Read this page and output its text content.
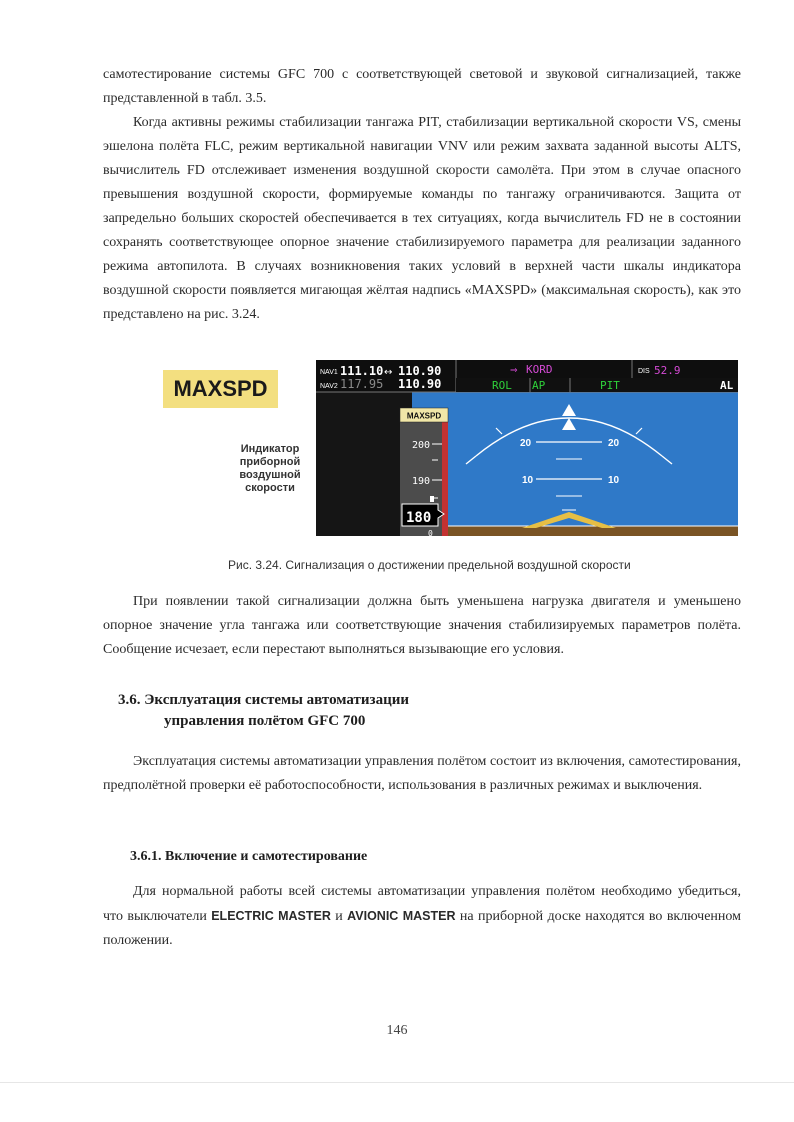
самотестирование системы GFC 700 с соответствующей световой и звуковой сигнализацией, также представленной в табл. 3.5.

Когда активны режимы стабилизации тангажа PIT, стабилизации вертикальной скорости VS, смены эшелона полёта FLC, режим вертикальной навигации VNV или режим захвата заданной высоты ALTS, вычислитель FD отслеживает изменения воздушной скорости самолёта. При этом в случае опасного превышения воздушной скорости, формируемые команды по тангажу ограничиваются. Защита от запредельно больших скоростей обеспечивается в тех ситуациях, когда вычислитель FD не в состоянии сохранять соответствующее опорное значение стабилизируемого параметра для реализации заданного режима автопилота. В случаях возникновения таких условий в верхней части шкалы индикатора воздушной скорости появляется мигающая жёлтая надпись «MAXSPD» (максимальная скорость), как это представлено на рис. 3.24.

MAXSPD
Индикатор приборной воздушной скорости
20	20
10	10
NAV1 111.10 ↔ 110.90
NAV2 117.95 110.90
⇒ KORD	DIS 52.9
ROL AP	PIT	AL
MAXSPD
200
190
180
0
Рис. 3.24. Сигнализация о достижении предельной воздушной скорости

При появлении такой сигнализации должна быть уменьшена нагрузка двигателя и уменьшено опорное значение угла тангажа или соответствующие значения стабилизируемых параметров полёта. Сообщение исчезает, если перестают выполняться вызывающие его условия.

3.6. Эксплуатация системы автоматизации
управления полётом GFC 700

Эксплуатация системы автоматизации управления полётом состоит из включения, самотестирования, предполётной проверки её работоспособности, использования в различных режимах и выключения.

3.6.1. Включение и самотестирование

Для нормальной работы всей системы автоматизации управления полётом необходимо убедиться, что выключатели ELECTRIC MASTER и AVIONIC MASTER на приборной доске находятся во включенном положении.

146
